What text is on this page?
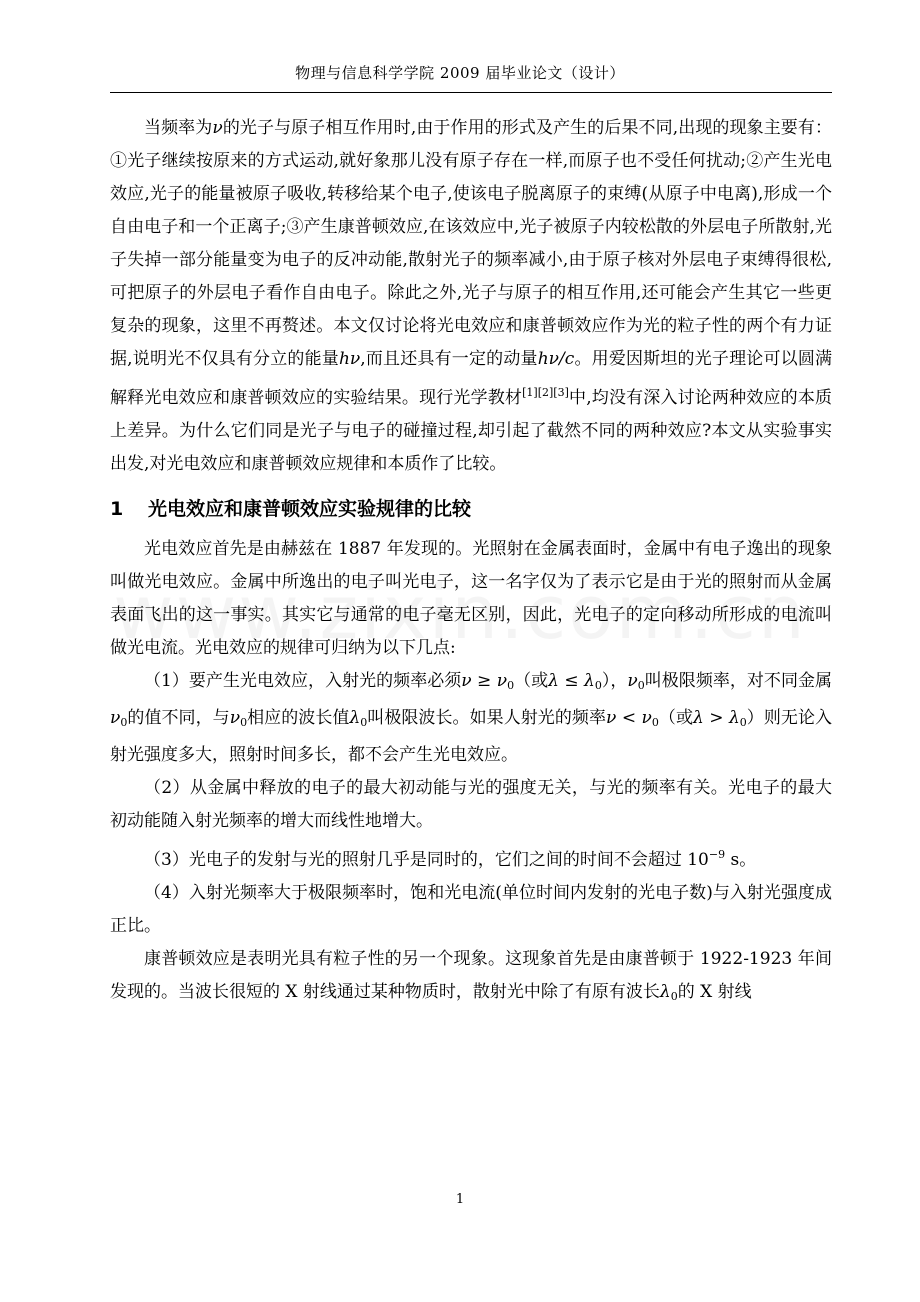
物理与信息科学学院 2009 届毕业论文（设计）

当频率为ν的光子与原子相互作用时,由于作用的形式及产生的后果不同,出现的现象主要有：①光子继续按原来的方式运动,就好象那儿没有原子存在一样,而原子也不受任何扰动;②产生光电效应,光子的能量被原子吸收,转移给某个电子,使该电子脱离原子的束缚(从原子中电离),形成一个自由电子和一个正离子;③产生康普顿效应,在该效应中,光子被原子内较松散的外层电子所散射,光子失掉一部分能量变为电子的反冲动能,散射光子的频率减小,由于原子核对外层电子束缚得很松,可把原子的外层电子看作自由电子。除此之外,光子与原子的相互作用,还可能会产生其它一些更复杂的现象，这里不再赘述。本文仅讨论将光电效应和康普顿效应作为光的粒子性的两个有力证据,说明光不仅具有分立的能量hν,而且还具有一定的动量hν/c。用爱因斯坦的光子理论可以圆满解释光电效应和康普顿效应的实验结果。现行光学教材[1][2][3]中,均没有深入讨论两种效应的本质上差异。为什么它们同是光子与电子的碰撞过程,却引起了截然不同的两种效应?本文从实验事实出发,对光电效应和康普顿效应规律和本质作了比较。

1 光电效应和康普顿效应实验规律的比较

光电效应首先是由赫兹在 1887 年发现的。光照射在金属表面时，金属中有电子逸出的现象叫做光电效应。金属中所逸出的电子叫光电子，这一名字仅为了表示它是由于光的照射而从金属表面飞出的这一事实。其实它与通常的电子毫无区别，因此，光电子的定向移动所形成的电流叫做光电流。光电效应的规律可归纳为以下几点:

（1）要产生光电效应，入射光的频率必须$\nu \ge \nu_0$（或$\lambda \le \lambda_0$），$\nu_0$叫极限频率，对不同金属$\nu_0$的值不同，与$\nu_0$相应的波长值$\lambda_0$叫极限波长。如果人射光的频率$\nu < \nu_0$（或$\lambda > \lambda_0$）则无论入射光强度多大，照射时间多长，都不会产生光电效应。

（2）从金属中释放的电子的最大初动能与光的强度无关，与光的频率有关。光电子的最大初动能随入射光频率的增大而线性地增大。

（3）光电子的发射与光的照射几乎是同时的，它们之间的时间不会超过 $10^{-9}$ s。

（4）入射光频率大于极限频率时，饱和光电流(单位时间内发射的光电子数)与入射光强度成正比。

康普顿效应是表明光具有粒子性的另一个现象。这现象首先是由康普顿于 1922-1923 年间发现的。当波长很短的 X 射线通过某种物质时，散射光中除了有原有波长$\lambda_0$的 X 射线

1
